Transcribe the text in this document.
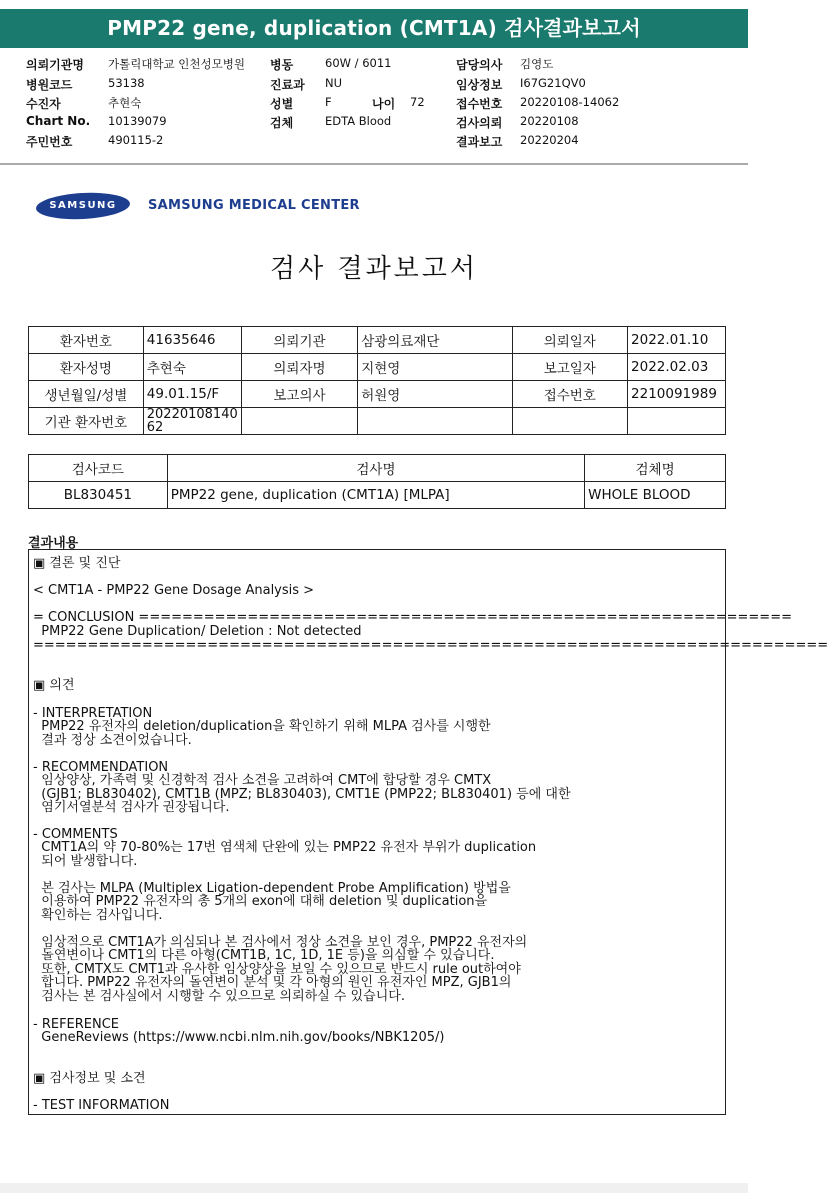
PMP22 gene, duplication (CMT1A) 검사결과보고서
의뢰기관명 가톨릭대학교 인천성모병원 병동	60W / 6011	담당의사 김영도
병원코드	53138	진료과 NU	임상정보 I67G21QV0
수진자	추현숙	성별	F	나이 72	접수번호 20220108-14062
Chart No. 10139079	검체	EDTA Blood	검사의뢰 20220108
주민번호	490115-2	결과보고 20220204
SAMSUNG	SAMSUNG MEDICAL CENTER
검사 결과보고서
환자번호	41635646	의뢰기관	삼광의료재단	의뢰일자	2022.01.10
환자성명	추현숙	의뢰자명	지현영	보고일자	2022.02.03
생년월일/성별	49.01.15/F	보고의사	허원영	접수번호	2210091989
기관 환자번호	20220108140
62				
검사코드	검사명	검체명
BL830451	PMP22 gene, duplication (CMT1A) [MLPA]	WHOLE BLOOD
결과내용
▣ 결론 및 진단
< CMT1A - PMP22 Gene Dosage Analysis >
= CONCLUSION ============================================================
PMP22 Gene Duplication/ Deletion : Not detected
=========================================================================
▣ 의견
- INTERPRETATION
PMP22 유전자의 deletion/duplication을 확인하기 위해 MLPA 검사를 시행한
결과 정상 소견이었습니다.
- RECOMMENDATION
임상양상, 가족력 및 신경학적 검사 소견을 고려하여 CMT에 합당할 경우 CMTX
(GJB1; BL830402), CMT1B (MPZ; BL830403), CMT1E (PMP22; BL830401) 등에 대한
염기서열분석 검사가 권장됩니다.
- COMMENTS
CMT1A의 약 70-80%는 17번 염색체 단완에 있는 PMP22 유전자 부위가 duplication
되어 발생합니다.
본 검사는 MLPA (Multiplex Ligation-dependent Probe Amplification) 방법을
이용하여 PMP22 유전자의 총 5개의 exon에 대해 deletion 및 duplication을
확인하는 검사입니다.
임상적으로 CMT1A가 의심되나 본 검사에서 정상 소견을 보인 경우, PMP22 유전자의
돌연변이나 CMT1의 다른 아형(CMT1B, 1C, 1D, 1E 등)을 의심할 수 있습니다.
또한, CMTX도 CMT1과 유사한 임상양상을 보일 수 있으므로 반드시 rule out하여야
합니다. PMP22 유전자의 돌연변이 분석 및 각 아형의 원인 유전자인 MPZ, GJB1의
검사는 본 검사실에서 시행할 수 있으므로 의뢰하실 수 있습니다.
- REFERENCE
GeneReviews (https://www.ncbi.nlm.nih.gov/books/NBK1205/)
▣ 검사정보 및 소견
- TEST INFORMATION
